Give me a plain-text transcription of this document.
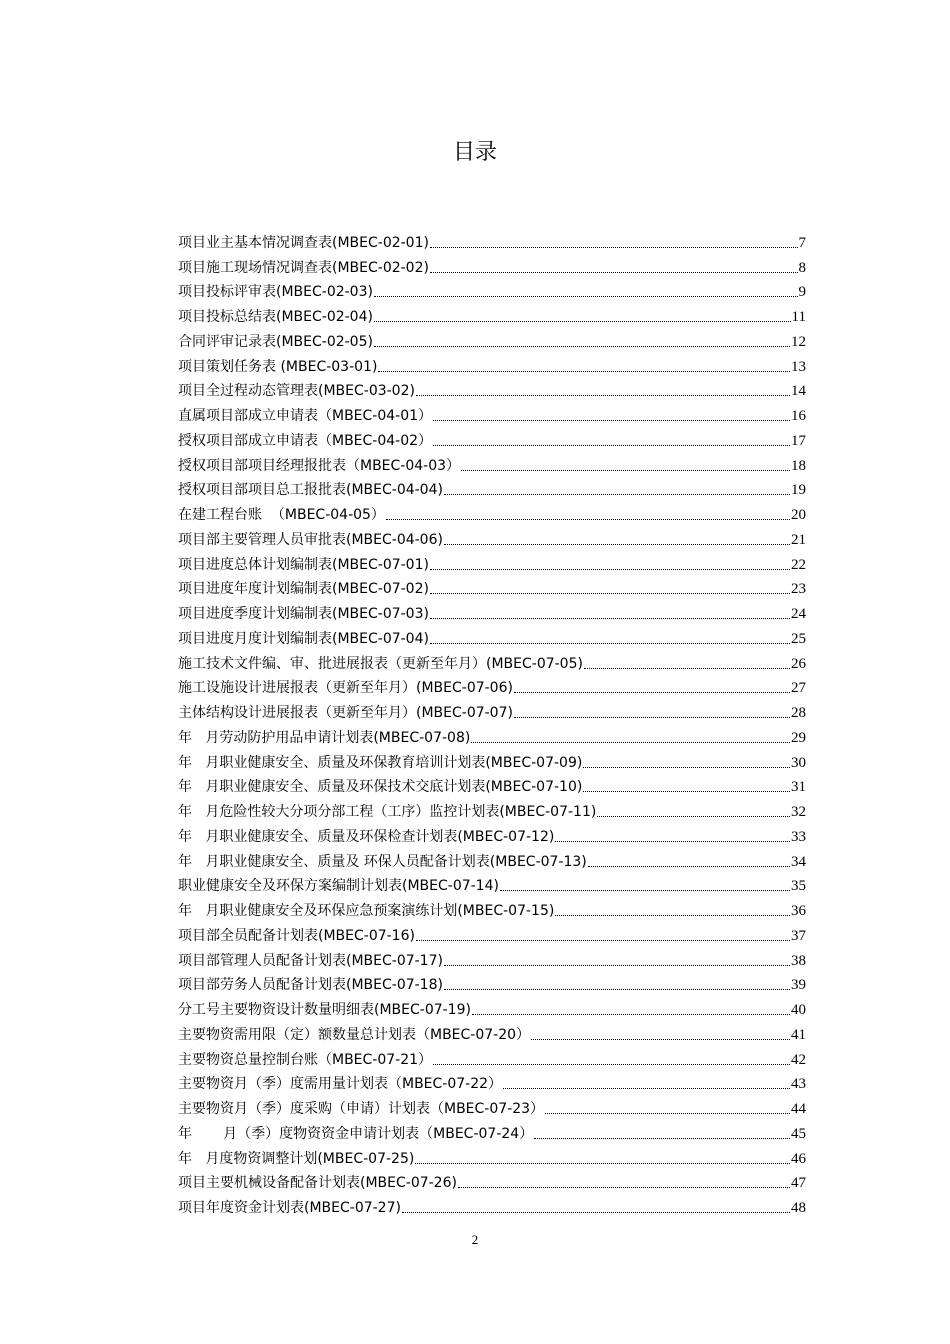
目录
项目业主基本情况调查表(MBEC-02-01)	7
项目施工现场情况调查表(MBEC-02-02)	8
项目投标评审表(MBEC-02-03)	9
项目投标总结表(MBEC-02-04)	11
合同评审记录表(MBEC-02-05)	12
项目策划任务表 (MBEC-03-01)	13
项目全过程动态管理表(MBEC-03-02)	14
直属项目部成立申请表（MBEC-04-01）	16
授权项目部成立申请表（MBEC-04-02）	17
授权项目部项目经理报批表（MBEC-04-03）	18
授权项目部项目总工报批表(MBEC-04-04)	19
在建工程台账  （MBEC-04-05）	20
项目部主要管理人员审批表(MBEC-04-06)	21
项目进度总体计划编制表(MBEC-07-01)	22
项目进度年度计划编制表(MBEC-07-02)	23
项目进度季度计划编制表(MBEC-07-03)	24
项目进度月度计划编制表(MBEC-07-04)	25
施工技术文件编、审、批进展报表（更新至年月）(MBEC-07-05)	26
施工设施设计进展报表（更新至年月）(MBEC-07-06)	27
主体结构设计进展报表（更新至年月）(MBEC-07-07)	28
年   月劳动防护用品申请计划表(MBEC-07-08)	29
年   月职业健康安全、质量及环保教育培训计划表(MBEC-07-09)	30
年   月职业健康安全、质量及环保技术交底计划表(MBEC-07-10)	31
年   月危险性较大分项分部工程（工序）监控计划表(MBEC-07-11)	32
年   月职业健康安全、质量及环保检查计划表(MBEC-07-12)	33
年   月职业健康安全、质量及 环保人员配备计划表(MBEC-07-13)	34
职业健康安全及环保方案编制计划表(MBEC-07-14)	35
年   月职业健康安全及环保应急预案演练计划(MBEC-07-15)	36
项目部全员配备计划表(MBEC-07-16)	37
项目部管理人员配备计划表(MBEC-07-17)	38
项目部劳务人员配备计划表(MBEC-07-18)	39
分工号主要物资设计数量明细表(MBEC-07-19)	40
主要物资需用限（定）额数量总计划表（MBEC-07-20）	41
主要物资总量控制台账（MBEC-07-21）	42
主要物资月（季）度需用量计划表（MBEC-07-22）	43
主要物资月（季）度采购（申请）计划表（MBEC-07-23）	44
年       月（季）度物资资金申请计划表（MBEC-07-24）	45
年   月度物资调整计划(MBEC-07-25)	46
项目主要机械设备配备计划表(MBEC-07-26)	47
项目年度资金计划表(MBEC-07-27)	48
2
